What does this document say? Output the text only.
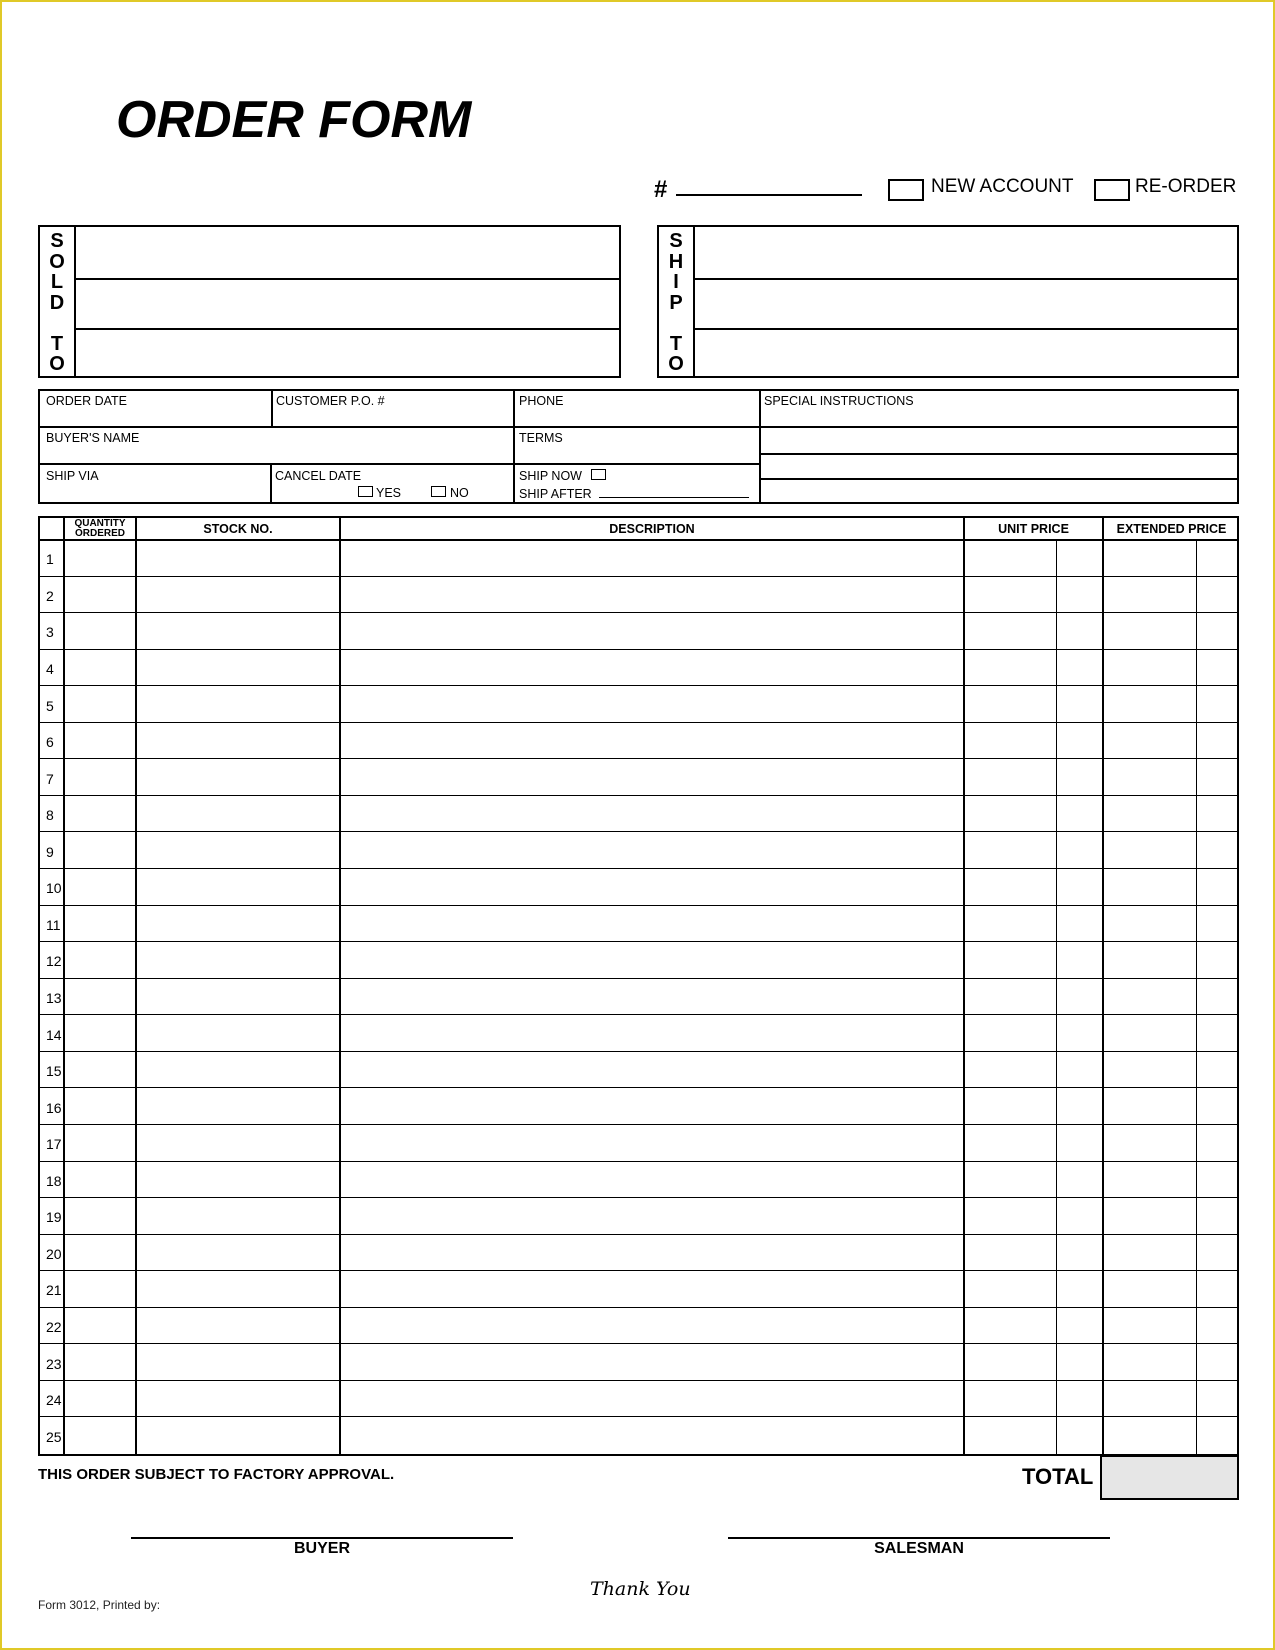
ORDER FORM
#	NEW ACCOUNT	RE-ORDER
S
O
L
D
T
O
S
H
I
P
T
O
ORDER DATE	CUSTOMER P.O. #	PHONE	SPECIAL INSTRUCTIONS
BUYER'S NAME	TERMS
SHIP VIA	CANCEL DATE
YES	NO
SHIP NOW
SHIP AFTER
QUANTITY
ORDERED	STOCK NO.	DESCRIPTION	UNIT PRICE	EXTENDED PRICE
1
2
3
4
5
6
7
8
9
10
11
12
13
14
15
16
17
18
19
20
21
22
23
24
25
THIS ORDER SUBJECT TO FACTORY APPROVAL.	TOTAL
BUYER	SALESMAN
Thank You
Form 3012, Printed by:
